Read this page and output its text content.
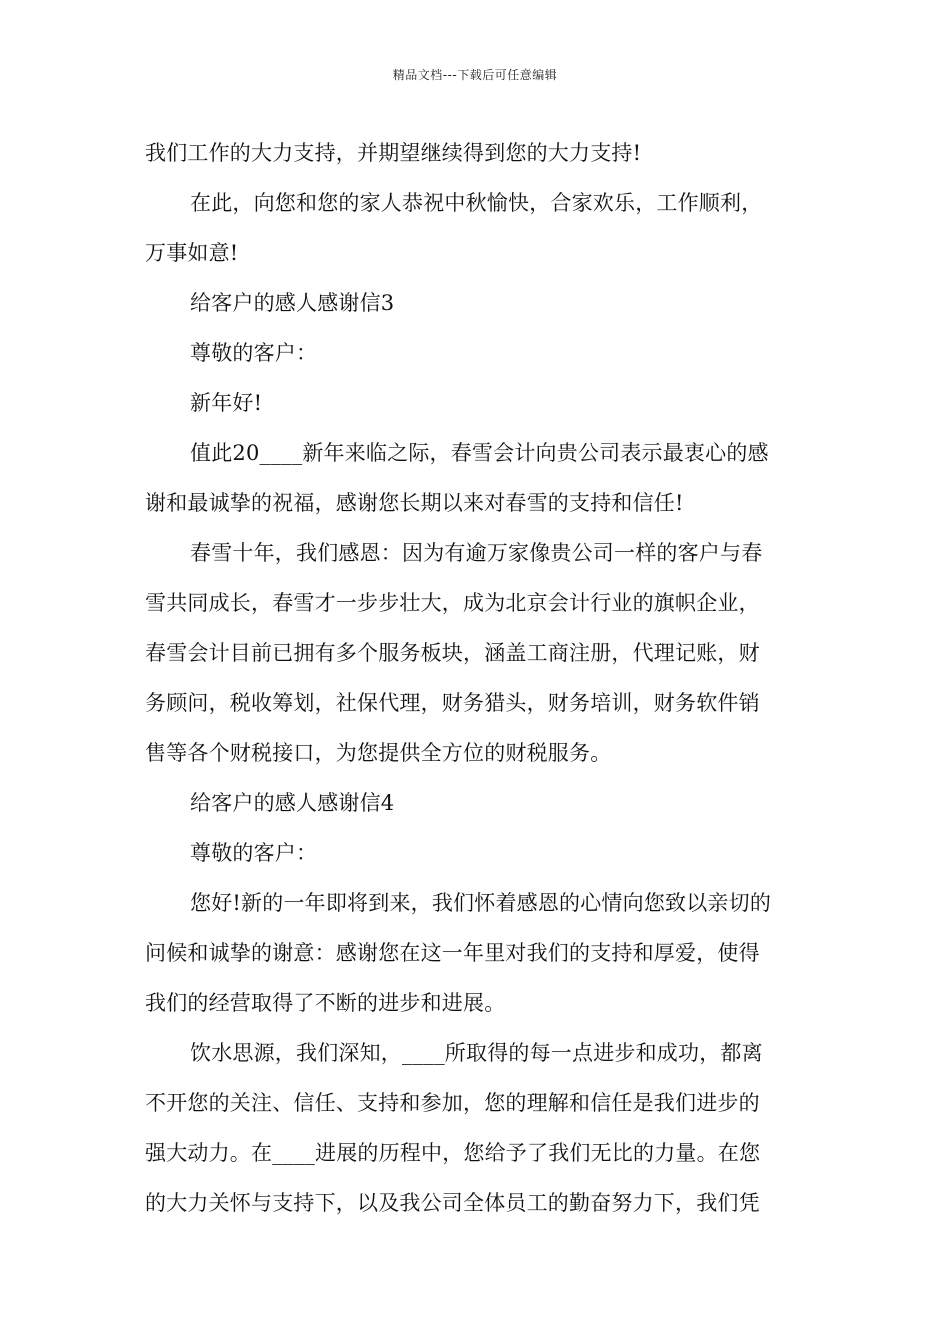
精品文档---下载后可任意编辑
我们工作的大力支持，并期望继续得到您的大力支持!
在此，向您和您的家人恭祝中秋愉快，合家欢乐，工作顺利，
万事如意!
给客户的感人感谢信3
尊敬的客户：
新年好!
值此20____新年来临之际，春雪会计向贵公司表示最衷心的感
谢和最诚挚的祝福，感谢您长期以来对春雪的支持和信任!
春雪十年，我们感恩：因为有逾万家像贵公司一样的客户与春
雪共同成长，春雪才一步步壮大，成为北京会计行业的旗帜企业，
春雪会计目前已拥有多个服务板块，涵盖工商注册，代理记账，财
务顾问，税收筹划，社保代理，财务猎头，财务培训，财务软件销
售等各个财税接口，为您提供全方位的财税服务。
给客户的感人感谢信4
尊敬的客户：
您好!新的一年即将到来，我们怀着感恩的心情向您致以亲切的
问候和诚挚的谢意：感谢您在这一年里对我们的支持和厚爱，使得
我们的经营取得了不断的进步和进展。
饮水思源，我们深知，____所取得的每一点进步和成功，都离
不开您的关注、信任、支持和参加，您的理解和信任是我们进步的
强大动力。在____进展的历程中，您给予了我们无比的力量。在您
的大力关怀与支持下，以及我公司全体员工的勤奋努力下，我们凭
